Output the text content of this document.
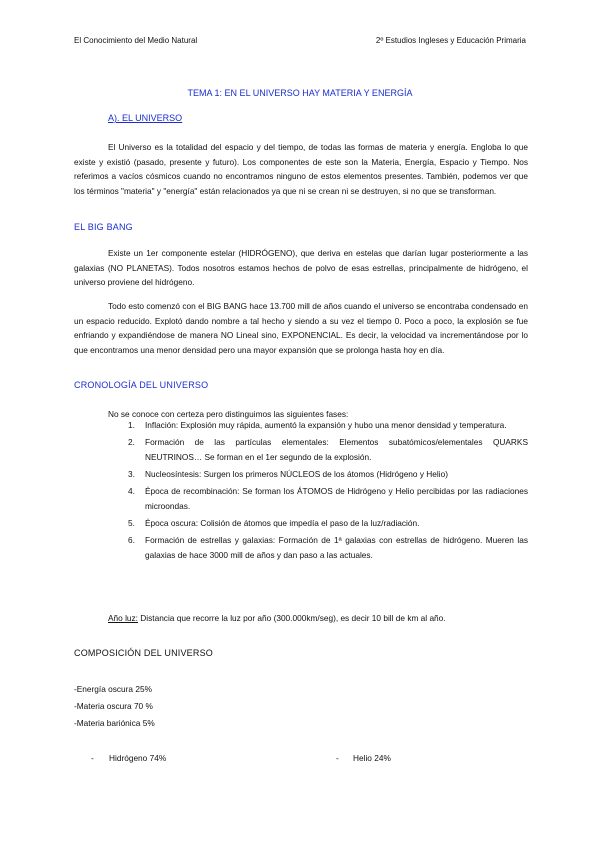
El Conocimiento del Medio Natural	2º Estudios Ingleses y Educación Primaria
TEMA 1: EN EL UNIVERSO HAY MATERIA Y ENERGÍA
A). EL UNIVERSO
El Universo es la totalidad del espacio y del tiempo, de todas las formas de materia y energía. Engloba lo que existe y existió (pasado, presente y futuro). Los componentes de este son la Materia, Energía, Espacio y Tiempo. Nos referimos a vacíos cósmicos cuando no encontramos ninguno de estos elementos presentes. También, podemos ver que los términos "materia" y "energía" están relacionados ya que ni se crean ni se destruyen, si no que se transforman.
EL BIG BANG
Existe un 1er componente estelar (HIDRÓGENO), que deriva en estelas que darían lugar posteriormente a las galaxias (NO PLANETAS). Todos nosotros estamos hechos de polvo de esas estrellas, principalmente de hidrógeno, el universo proviene del hidrógeno.
Todo esto comenzó con el BIG BANG hace 13.700 mill de años cuando el universo se encontraba condensado en un espacio reducido. Explotó dando nombre a tal hecho y siendo a su vez el tiempo 0. Poco a poco, la explosión se fue enfriando y expandiéndose de manera NO Lineal sino, EXPONENCIAL. Es decir, la velocidad va incrementándose por lo que encontramos una menor densidad pero una mayor expansión que se prolonga hasta hoy en día.
CRONOLOGÍA DEL UNIVERSO
No se conoce con certeza pero distinguimos las siguientes fases:
1.	Inflación: Explosión muy rápida, aumentó la expansión y hubo una menor densidad y temperatura.
2.	Formación de las partículas elementales: Elementos subatómicos/elementales QUARKS NEUTRINOS… Se forman en el 1er segundo de la explosión.
3.	Nucleosíntesis: Surgen los primeros NÚCLEOS de los átomos (Hidrógeno y Helio)
4.	Época de recombinación: Se forman los ÁTOMOS de Hidrógeno y Helio percibidas por las radiaciones microondas.
5.	Época oscura: Colisión de átomos que impedía el paso de la luz/radiación.
6.	Formación de estrellas y galaxias: Formación de 1ª galaxias con estrellas de hidrógeno. Mueren las galaxias de hace 3000 mill de años y dan paso a las actuales.
Año luz: Distancia que recorre la luz por año (300.000km/seg), es decir 10 bill de km al año.
COMPOSICIÓN DEL UNIVERSO
-Energía oscura 25%
-Materia oscura 70 %
-Materia bariónica 5%
- Hidrógeno 74%	- Helio 24%
